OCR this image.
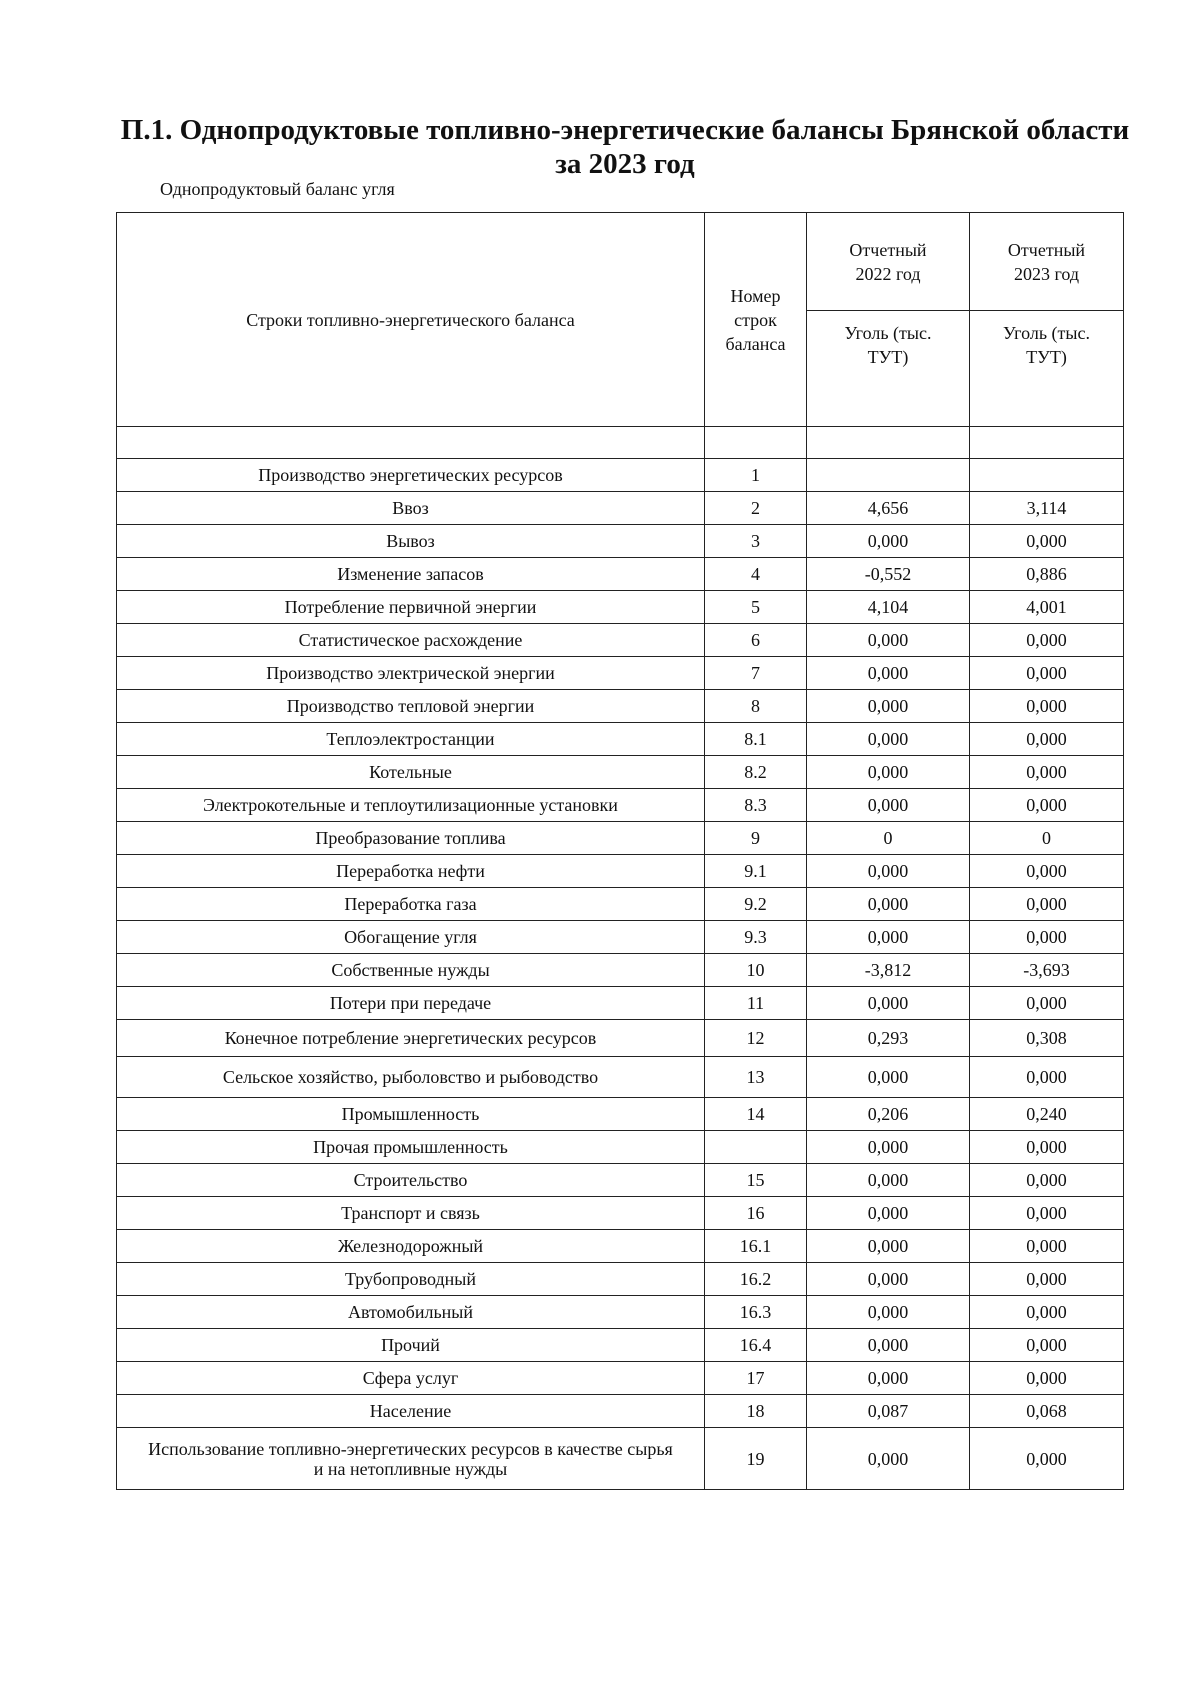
П.1. Однопродуктовые топливно-энергетические балансы Брянской области за 2023 год
Однопродуктовый баланс угля
Строки топливно-энергетического баланса	Номер строк баланса	Отчетный 2022 год	Отчетный 2023 год

		Уголь (тыс. ТУТ)	Уголь (тыс. ТУТ)

Производство энергетических ресурсов	1		
Ввоз	2	4,656	3,114
Вывоз	3	0,000	0,000
Изменение запасов	4	-0,552	0,886
Потребление первичной энергии	5	4,104	4,001
Статистическое расхождение	6	0,000	0,000
Производство электрической энергии	7	0,000	0,000
Производство тепловой энергии	8	0,000	0,000
Теплоэлектростанции	8.1	0,000	0,000
Котельные	8.2	0,000	0,000
Электрокотельные и теплоутилизационные установки	8.3	0,000	0,000
Преобразование топлива	9	0	0
Переработка нефти	9.1	0,000	0,000
Переработка газа	9.2	0,000	0,000
Обогащение угля	9.3	0,000	0,000
Собственные нужды	10	-3,812	-3,693
Потери при передаче	11	0,000	0,000
Конечное потребление энергетических ресурсов	12	0,293	0,308
Сельское хозяйство, рыболовство и рыбоводство	13	0,000	0,000
Промышленность	14	0,206	0,240
Прочая промышленность		0,000	0,000
Строительство	15	0,000	0,000
Транспорт и связь	16	0,000	0,000
Железнодорожный	16.1	0,000	0,000
Трубопроводный	16.2	0,000	0,000
Автомобильный	16.3	0,000	0,000
Прочий	16.4	0,000	0,000
Сфера услуг	17	0,000	0,000
Население	18	0,087	0,068
Использование топливно-энергетических ресурсов в качестве сырья и на нетопливные нужды	19	0,000	0,000
